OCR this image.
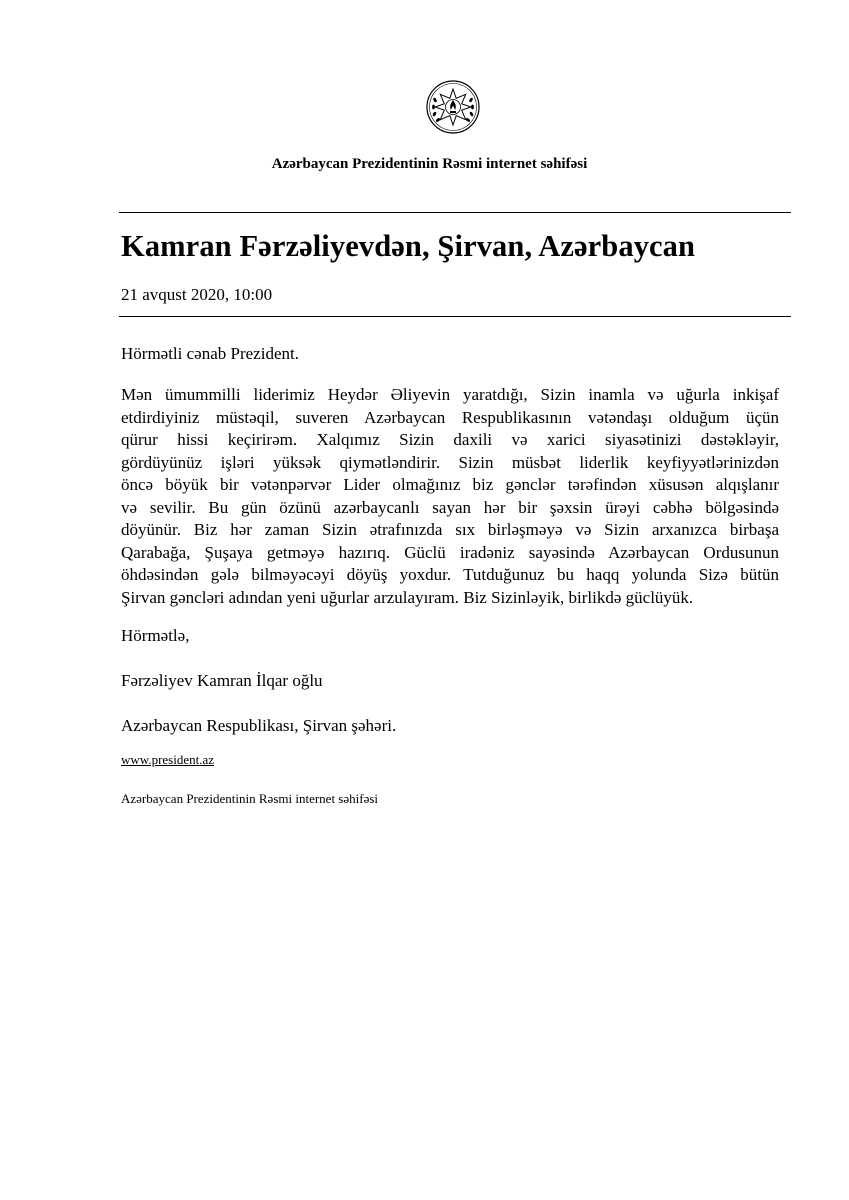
Azərbaycan Prezidentinin Rəsmi internet səhifəsi
Kamran Fərzəliyevdən, Şirvan, Azərbaycan
21 avqust 2020, 10:00
Hörmətli cənab Prezident.
Mən ümummilli liderimiz Heydər Əliyevin yaratdığı, Sizin inamla və uğurla inkişaf
etdirdiyiniz müstəqil, suveren Azərbaycan Respublikasının vətəndaşı olduğum üçün
qürur hissi keçirirəm. Xalqımız Sizin daxili və xarici siyasətinizi dəstəkləyir,
gördüyünüz işləri yüksək qiymətləndirir. Sizin müsbət liderlik keyfiyyətlərinizdən
öncə böyük bir vətənpərvər Lider olmağınız biz gənclər tərəfindən xüsusən alqışlanır
və sevilir. Bu gün özünü azərbaycanlı sayan hər bir şəxsin ürəyi cəbhə bölgəsində
döyünür. Biz hər zaman Sizin ətrafınızda sıx birləşməyə və Sizin arxanızca birbaşa
Qarabağa, Şuşaya getməyə hazırıq. Güclü iradəniz sayəsində Azərbaycan Ordusunun
öhdəsindən gələ bilməyəcəyi döyüş yoxdur. Tutduğunuz bu haqq yolunda Sizə bütün
Şirvan gəncləri adından yeni uğurlar arzulayıram. Biz Sizinləyik, birlikdə güclüyük.
Hörmətlə,
Fərzəliyev Kamran İlqar oğlu
Azərbaycan Respublikası, Şirvan şəhəri.
www.president.az
Azərbaycan Prezidentinin Rəsmi internet səhifəsi
